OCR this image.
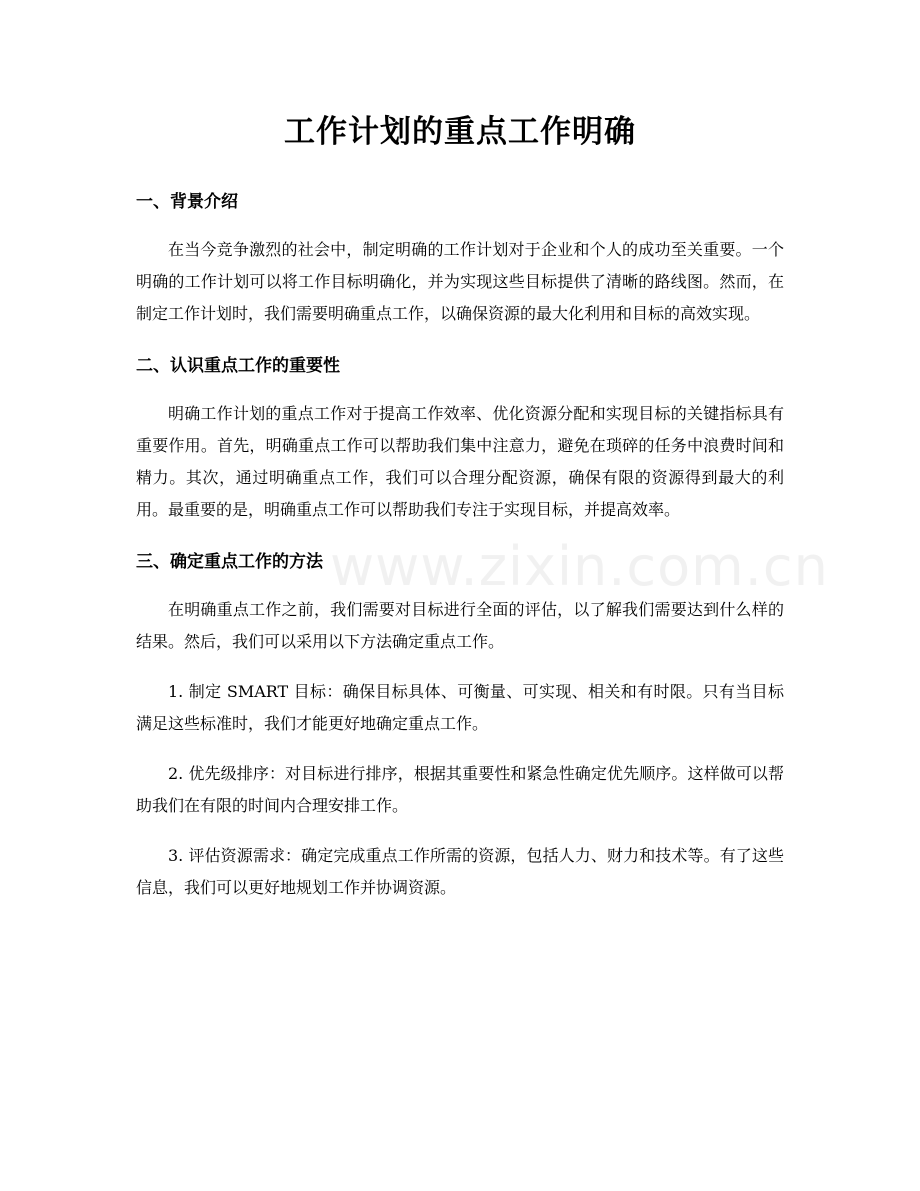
www.zixin.com.cn
工作计划的重点工作明确
一、背景介绍

在当今竞争激烈的社会中，制定明确的工作计划对于企业和个人的成功至关重要。一个明确的工作计划可以将工作目标明确化，并为实现这些目标提供了清晰的路线图。然而，在制定工作计划时，我们需要明确重点工作，以确保资源的最大化利用和目标的高效实现。

二、认识重点工作的重要性

明确工作计划的重点工作对于提高工作效率、优化资源分配和实现目标的关键指标具有重要作用。首先，明确重点工作可以帮助我们集中注意力，避免在琐碎的任务中浪费时间和精力。其次，通过明确重点工作，我们可以合理分配资源，确保有限的资源得到最大的利用。最重要的是，明确重点工作可以帮助我们专注于实现目标，并提高效率。

三、确定重点工作的方法

在明确重点工作之前，我们需要对目标进行全面的评估，以了解我们需要达到什么样的结果。然后，我们可以采用以下方法确定重点工作。

1. 制定 SMART 目标：确保目标具体、可衡量、可实现、相关和有时限。只有当目标满足这些标准时，我们才能更好地确定重点工作。

2. 优先级排序：对目标进行排序，根据其重要性和紧急性确定优先顺序。这样做可以帮助我们在有限的时间内合理安排工作。

3. 评估资源需求：确定完成重点工作所需的资源，包括人力、财力和技术等。有了这些信息，我们可以更好地规划工作并协调资源。
